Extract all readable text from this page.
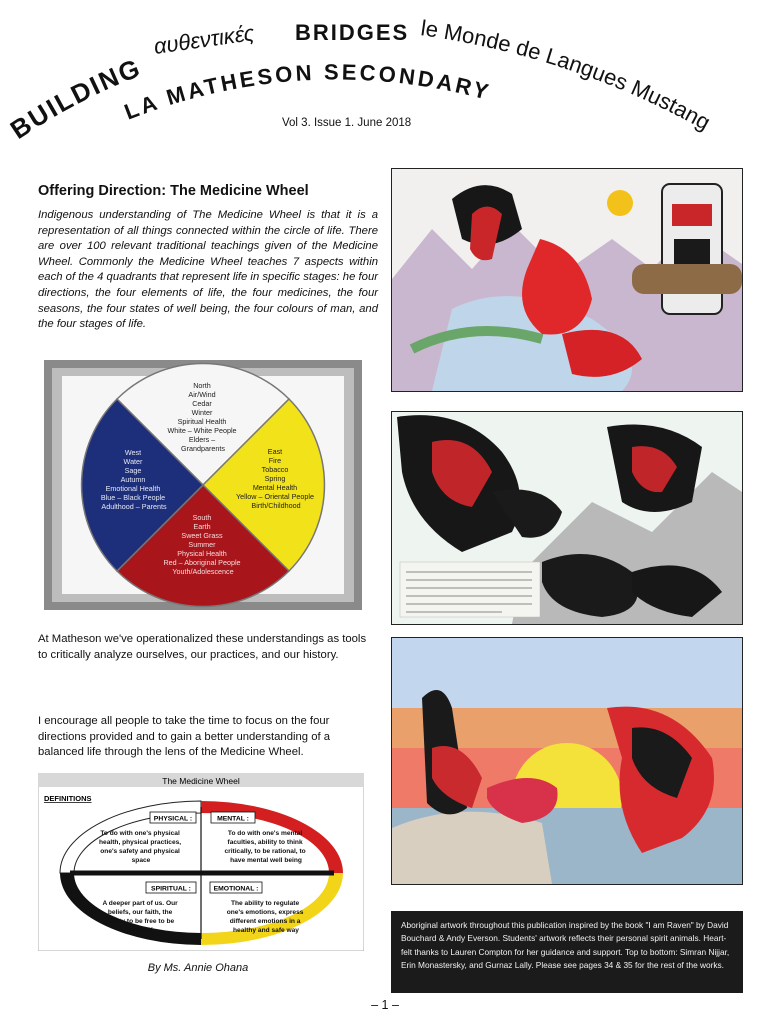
BUILDING
αυθεντικές BRIDGES le Monde de Langues Mustang
LA MATHESON SECONDARY
Vol 3. Issue 1. June 2018
Offering Direction: The Medicine Wheel

Indigenous understanding of The Medicine Wheel is that it is a representation of all things connected within the circle of life. There are over 100 relevant traditional teachings given of the Medicine Wheel. Commonly the Medicine Wheel teaches 7 aspects within each of the 4 quadrants that represent life in specific stages: he four directions, the four elements of life, the four medicines, the four seasons, the four states of well being, the four colours of man, and the four stages of life.

North Air/Wind Cedar Winter Spiritual Health White – White People Elders – Grandparents	East Fire Tobacco Spring Mental Health Yellow – Oriental People Birth/Childhood
South Earth Sweet Grass Summer Physical Health Red – Aboriginal People Youth/Adolescence
West Water Sage Autumn Emotional Health Blue – Black People Adulthood – Parents

At Matheson we've operationalized these understandings as tools to critically analyze ourselves, our practices, and our history.

I encourage all people to take the time to focus on the four directions provided and to gain a better understanding of a balanced life through the lens of the Medicine Wheel.

The Medicine Wheel
DEFINITIONS
PHYSICAL :	MENTAL :
SPIRITUAL :	EMOTIONAL :
To do with one's physical health, physical practices, one's safety and physical space
To do with one's mental faculties, ability to think critically, to be rational, to have mental well being
A deeper part of us. Our beliefs, our faith, the ability to be free to be oneself
The ability to regulate one's emotions, express different emotions in a healthy and safe way
By Ms. Annie Ohana

Aboriginal artwork throughout this publication inspired by the book "I am Raven" by David Bouchard & Andy Everson. Students' artwork reflects their personal spirit animals. Heart-felt thanks to Lauren Compton for her guidance and support. Top to bottom: Simran Nijjar, Erin Monastersky, and Gurnaz Lally. Please see pages 34 & 35 for the rest of the works.

– 1 –
